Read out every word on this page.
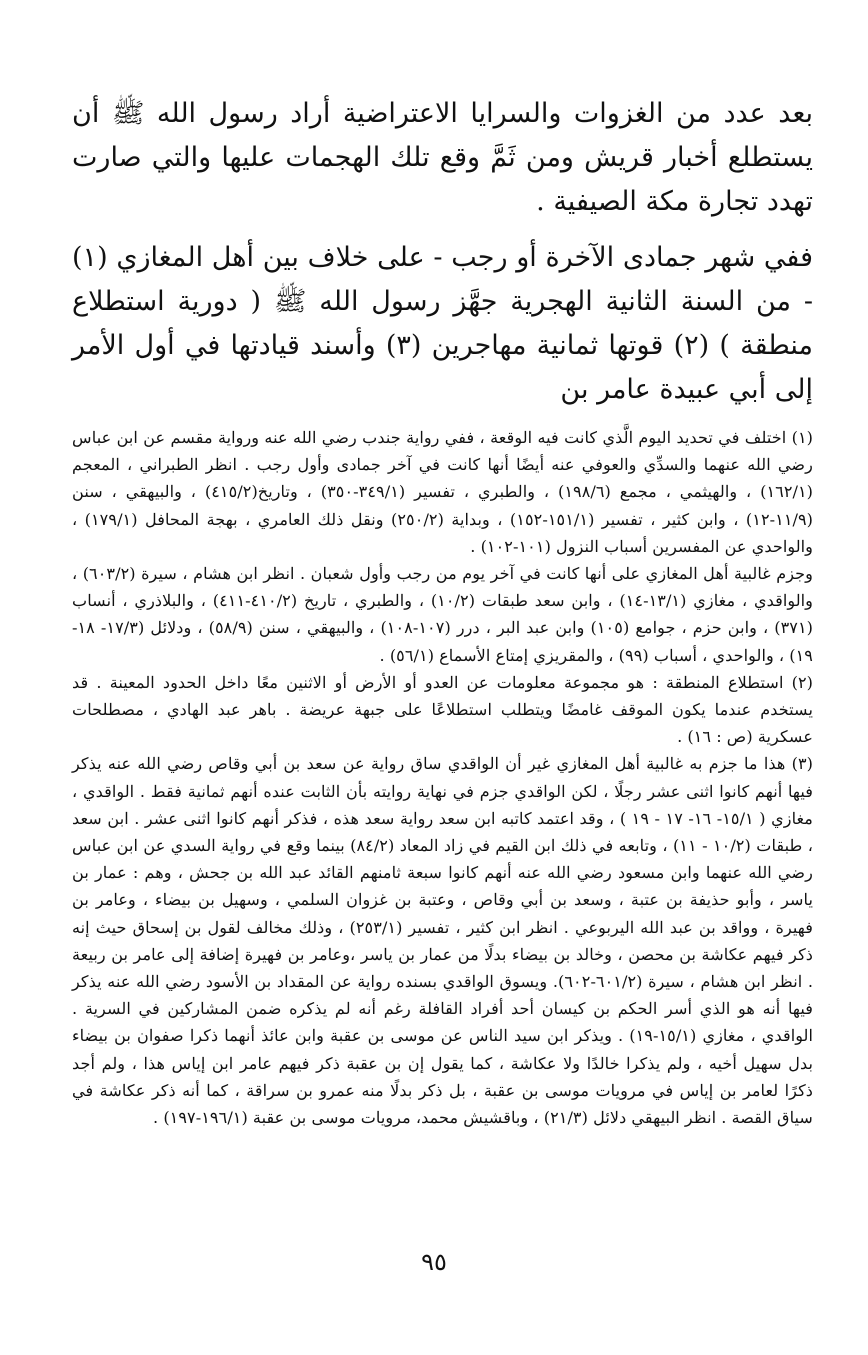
بعد عدد من الغزوات والسرايا الاعتراضية أراد رسول الله ﷺ أن يستطلع أخبار قريش ومن ثَمَّ وقع تلك الهجمات عليها والتي صارت تهدد تجارة مكة الصيفية .

ففي شهر جمادى الآخرة أو رجب - على خلاف بين أهل المغازي (١) - من السنة الثانية الهجرية جهَّز رسول الله ﷺ ( دورية استطلاع منطقة ) (٢) قوتها ثمانية مهاجرين (٣) وأسند قيادتها في أول الأمر إلى أبي عبيدة عامر بن

(١) اختلف في تحديد اليوم الَّذي كانت فيه الوقعة ، ففي رواية جندب رضي الله عنه ورواية مقسم عن ابن عباس رضي الله عنهما والسدِّي والعوفي عنه أيضًا أنها كانت في آخر جمادى وأول رجب . انظر الطبراني ، المعجم (١٦٢/١) ، والهيثمي ، مجمع (١٩٨/٦) ، والطبري ، تفسير (٣٤٩/١-٣٥٠) ، وتاريخ(٤١٥/٢) ، والبيهقي ، سنن (١١/٩-١٢) ، وابن كثير ، تفسير (١٥١/١-١٥٢) ، وبداية (٢٥٠/٢) ونقل ذلك العامري ، بهجة المحافل (١٧٩/١) ، والواحدي عن المفسرين أسباب النزول (١٠١-١٠٢) .

وجزم غالبية أهل المغازي على أنها كانت في آخر يوم من رجب وأول شعبان . انظر ابن هشام ، سيرة (٦٠٣/٢) ، والواقدي ، مغازي (١٣/١-١٤) ، وابن سعد طبقات (١٠/٢) ، والطبري ، تاريخ (٤١٠/٢-٤١١) ، والبلاذري ، أنساب (٣٧١) ، وابن حزم ، جوامع (١٠٥) وابن عبد البر ، درر (١٠٧-١٠٨) ، والبيهقي ، سنن (٥٨/٩) ، ودلائل (١٧/٣- ١٨- ١٩) ، والواحدي ، أسباب (٩٩) ، والمقريزي إمتاع الأسماع (٥٦/١) .

(٢) استطلاع المنطقة : هو مجموعة معلومات عن العدو أو الأرض أو الاثنين معًا داخل الحدود المعينة . قد يستخدم عندما يكون الموقف غامضًا ويتطلب استطلاعًا على جبهة عريضة . باهر عبد الهادي ، مصطلحات عسكرية (ص : ١٦) .

(٣) هذا ما جزم به غالبية أهل المغازي غير أن الواقدي ساق رواية عن سعد بن أبي وقاص رضي الله عنه يذكر فيها أنهم كانوا اثنى عشر رجلًا ، لكن الواقدي جزم في نهاية روايته بأن الثابت عنده أنهم ثمانية فقط . الواقدي ، مغازي ( ١٥/١- ١٦- ١٧ - ١٩ ) ، وقد اعتمد كاتبه ابن سعد رواية سعد هذه ، فذكر أنهم كانوا اثنى عشر . ابن سعد ، طبقات (١٠/٢ - ١١) ، وتابعه في ذلك ابن القيم في زاد المعاد (٨٤/٢) بينما وقع في رواية السدي عن ابن عباس رضي الله عنهما وابن مسعود رضي الله عنه أنهم كانوا سبعة ثامنهم القائد عبد الله بن جحش ، وهم : عمار بن ياسر ، وأبو حذيفة بن عتبة ، وسعد بن أبي وقاص ، وعتبة بن غزوان السلمي ، وسهيل بن بيضاء ، وعامر بن فهيرة ، وواقد بن عبد الله اليربوعي . انظر ابن كثير ، تفسير (٢٥٣/١) ، وذلك مخالف لقول بن إسحاق حيث إنه ذكر فيهم عكاشة بن محصن ، وخالد بن بيضاء بدلًا من عمار بن ياسر ،وعامر بن فهيرة إضافة إلى عامر بن ربيعة . انظر ابن هشام ، سيرة (٦٠١/٢-٦٠٢). ويسوق الواقدي بسنده رواية عن المقداد بن الأسود رضي الله عنه يذكر فيها أنه هو الذي أسر الحكم بن كيسان أحد أفراد القافلة رغم أنه لم يذكره ضمن المشاركين في السرية . الواقدي ، مغازي (١٥/١-١٩) . ويذكر ابن سيد الناس عن موسى بن عقبة وابن عائذ أنهما ذكرا صفوان بن بيضاء بدل سهيل أخيه ، ولم يذكرا خالدًا ولا عكاشة ، كما يقول إن بن عقبة ذكر فيهم عامر ابن إياس هذا ، ولم أجد ذكرًا لعامر بن إياس في مرويات موسى بن عقبة ، بل ذكر بدلًا منه عمرو بن سراقة ، كما أنه ذكر عكاشة في سياق القصة . انظر البيهقي دلائل (٢١/٣) ، وباقشيش محمد، مرويات موسى بن عقبة (١٩٦/١-١٩٧) .

٩٥
